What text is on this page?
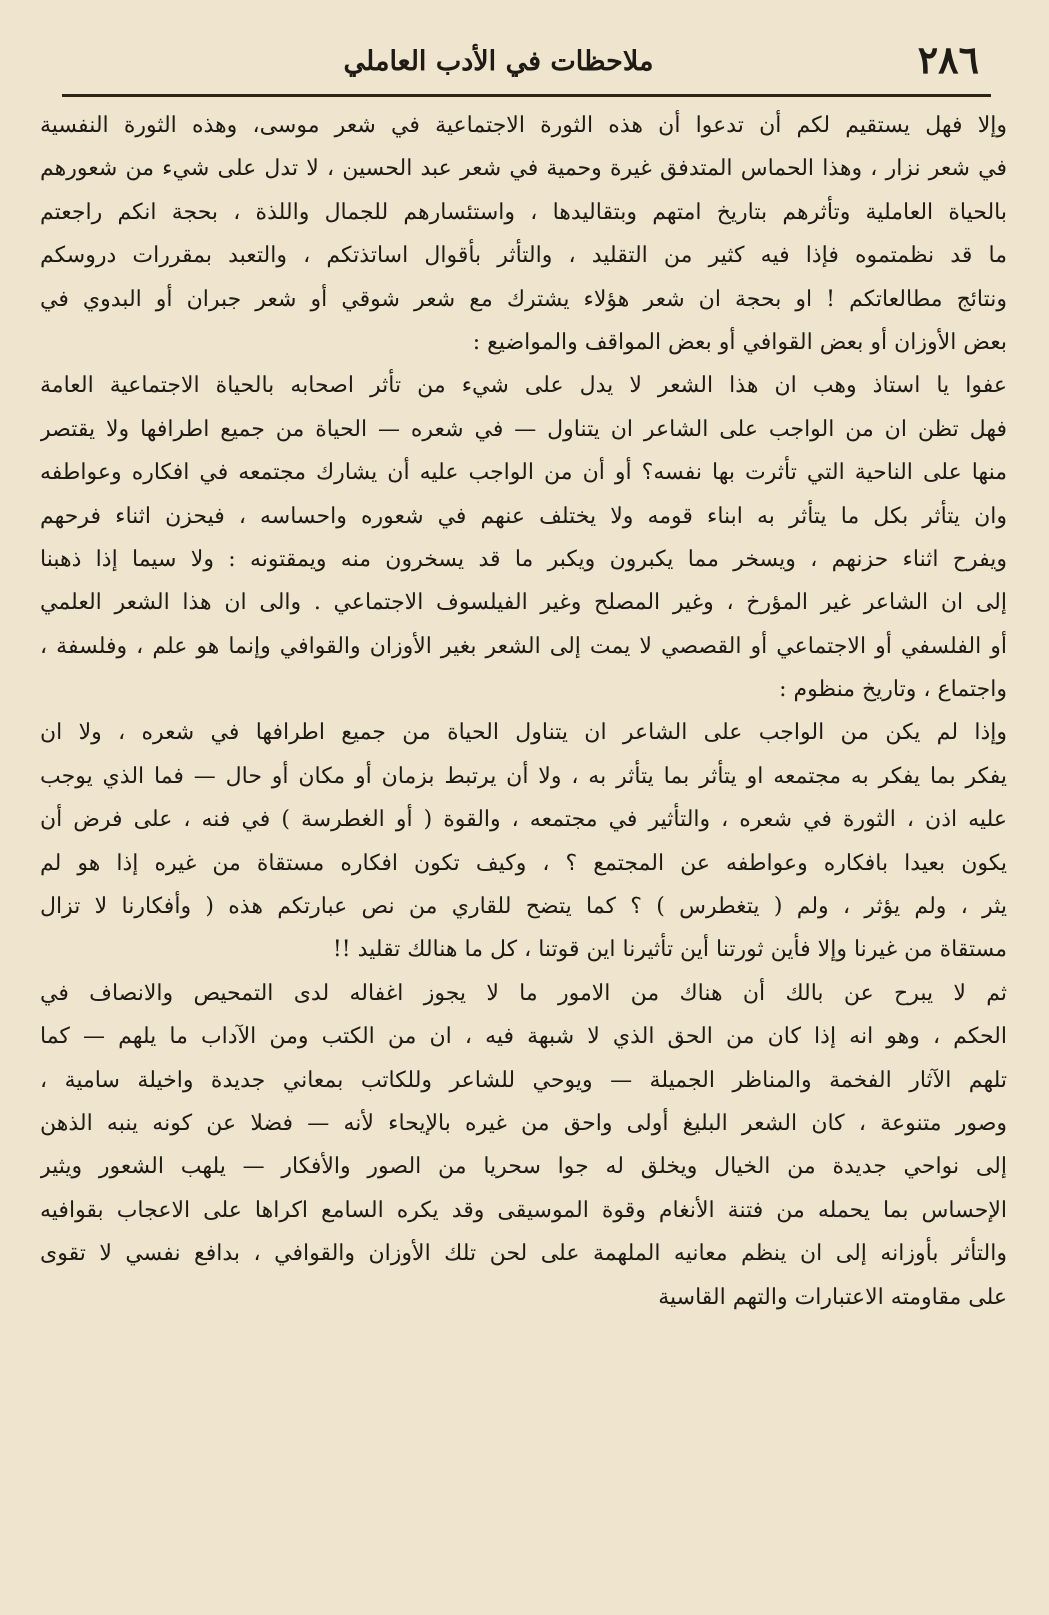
٢٨٦
ملاحظات في الأدب العاملي
وإلا فهل يستقيم لكم أن تدعوا أن هذه الثورة الاجتماعية في شعر موسى، وهذه الثورة النفسية
في شعر نزار ، وهذا الحماس المتدفق غيرة وحمية في شعر عبد الحسين ، لا تدل على شيء من شعورهم
بالحياة العاملية وتأثرهم بتاريخ امتهم وبتقاليدها ، واستئسارهم للجمال واللذة ، بحجة انكم راجعتم
ما قد نظمتموه فإذا فيه كثير من التقليد ، والتأثر بأقوال اساتذتكم ، والتعبد بمقررات دروسكم
ونتائج مطالعاتكم ! او بحجة ان شعر هؤلاء يشترك مع شعر شوقي أو شعر جبران أو البدوي في
بعض الأوزان أو بعض القوافي أو بعض المواقف والمواضيع :
عفوا يا استاذ وهب ان هذا الشعر لا يدل على شيء من تأثر اصحابه بالحياة الاجتماعية العامة
فهل تظن ان من الواجب على الشاعر ان يتناول — في شعره — الحياة من جميع اطرافها ولا يقتصر
منها على الناحية التي تأثرت بها نفسه؟ أو أن من الواجب عليه أن يشارك مجتمعه في افكاره وعواطفه
وان يتأثر بكل ما يتأثر به ابناء قومه ولا يختلف عنهم في شعوره واحساسه ، فيحزن اثناء فرحهم
ويفرح اثناء حزنهم ، ويسخر مما يكبرون ويكبر ما قد يسخرون منه ويمقتونه : ولا سيما إذا ذهبنا
إلى ان الشاعر غير المؤرخ ، وغير المصلح وغير الفيلسوف الاجتماعي . والى ان هذا الشعر العلمي
أو الفلسفي أو الاجتماعي أو القصصي لا يمت إلى الشعر بغير الأوزان والقوافي وإنما هو علم ، وفلسفة ،
واجتماع ، وتاريخ منظوم :
وإذا لم يكن من الواجب على الشاعر ان يتناول الحياة من جميع اطرافها في شعره ، ولا ان
يفكر بما يفكر به مجتمعه او يتأثر بما يتأثر به ، ولا أن يرتبط بزمان أو مكان أو حال — فما الذي يوجب
عليه اذن ، الثورة في شعره ، والتأثير في مجتمعه ، والقوة ( أو الغطرسة ) في فنه ، على فرض أن
يكون بعيدا بافكاره وعواطفه عن المجتمع ؟ ، وكيف تكون افكاره مستقاة من غيره إذا هو لم
يثر ، ولم يؤثر ، ولم ( يتغطرس ) ؟ كما يتضح للقاري من نص عبارتكم هذه ( وأفكارنا لا تزال
مستقاة من غيرنا وإلا فأين ثورتنا أين تأثيرنا اين قوتنا ، كل ما هنالك تقليد !!
ثم لا يبرح عن بالك أن هناك من الامور ما لا يجوز اغفاله لدى التمحيص والانصاف في
الحكم ، وهو انه إذا كان من الحق الذي لا شبهة فيه ، ان من الكتب ومن الآداب ما يلهم — كما
تلهم الآثار الفخمة والمناظر الجميلة — ويوحي للشاعر وللكاتب بمعاني جديدة واخيلة سامية ،
وصور متنوعة ، كان الشعر البليغ أولى واحق من غيره بالإيحاء لأنه — فضلا عن كونه ينبه الذهن
إلى نواحي جديدة من الخيال ويخلق له جوا سحريا من الصور والأفكار — يلهب الشعور ويثير
الإحساس بما يحمله من فتنة الأنغام وقوة الموسيقى وقد يكره السامع اكراها على الاعجاب بقوافيه
والتأثر بأوزانه إلى ان ينظم معانيه الملهمة على لحن تلك الأوزان والقوافي ، بدافع نفسي لا تقوى
على مقاومته الاعتبارات والتهم القاسية
